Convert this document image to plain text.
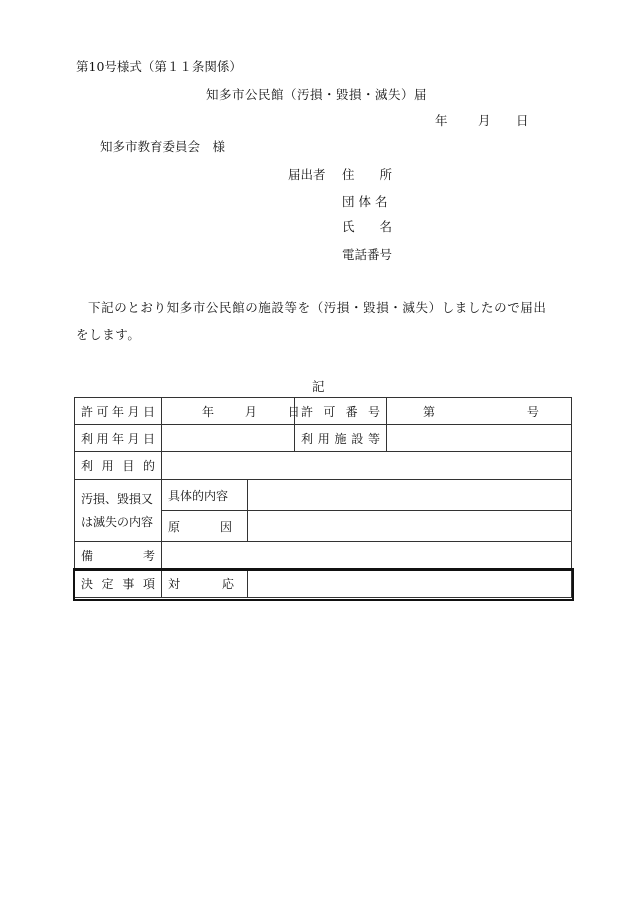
第10号様式（第１１条関係）
知多市公民館（汚損・毀損・滅失）届
年 月 日
知多市教育委員会　様
届出者 住　　所
団 体 名
氏　　名
電話番号
下記のとおり知多市公民館の施設等を（汚損・毀損・滅失）しましたので届出
をします。
記
許 可 年 月 日	年 月 日		許 可 番 号	第 号

利 用 年 月 日			利 用 施 設 等	

利 用 目 的				

汚損、毀損又
は滅失の内容	具体的内容			

	原 因			

備 考				

決 定 事 項	対 応			
